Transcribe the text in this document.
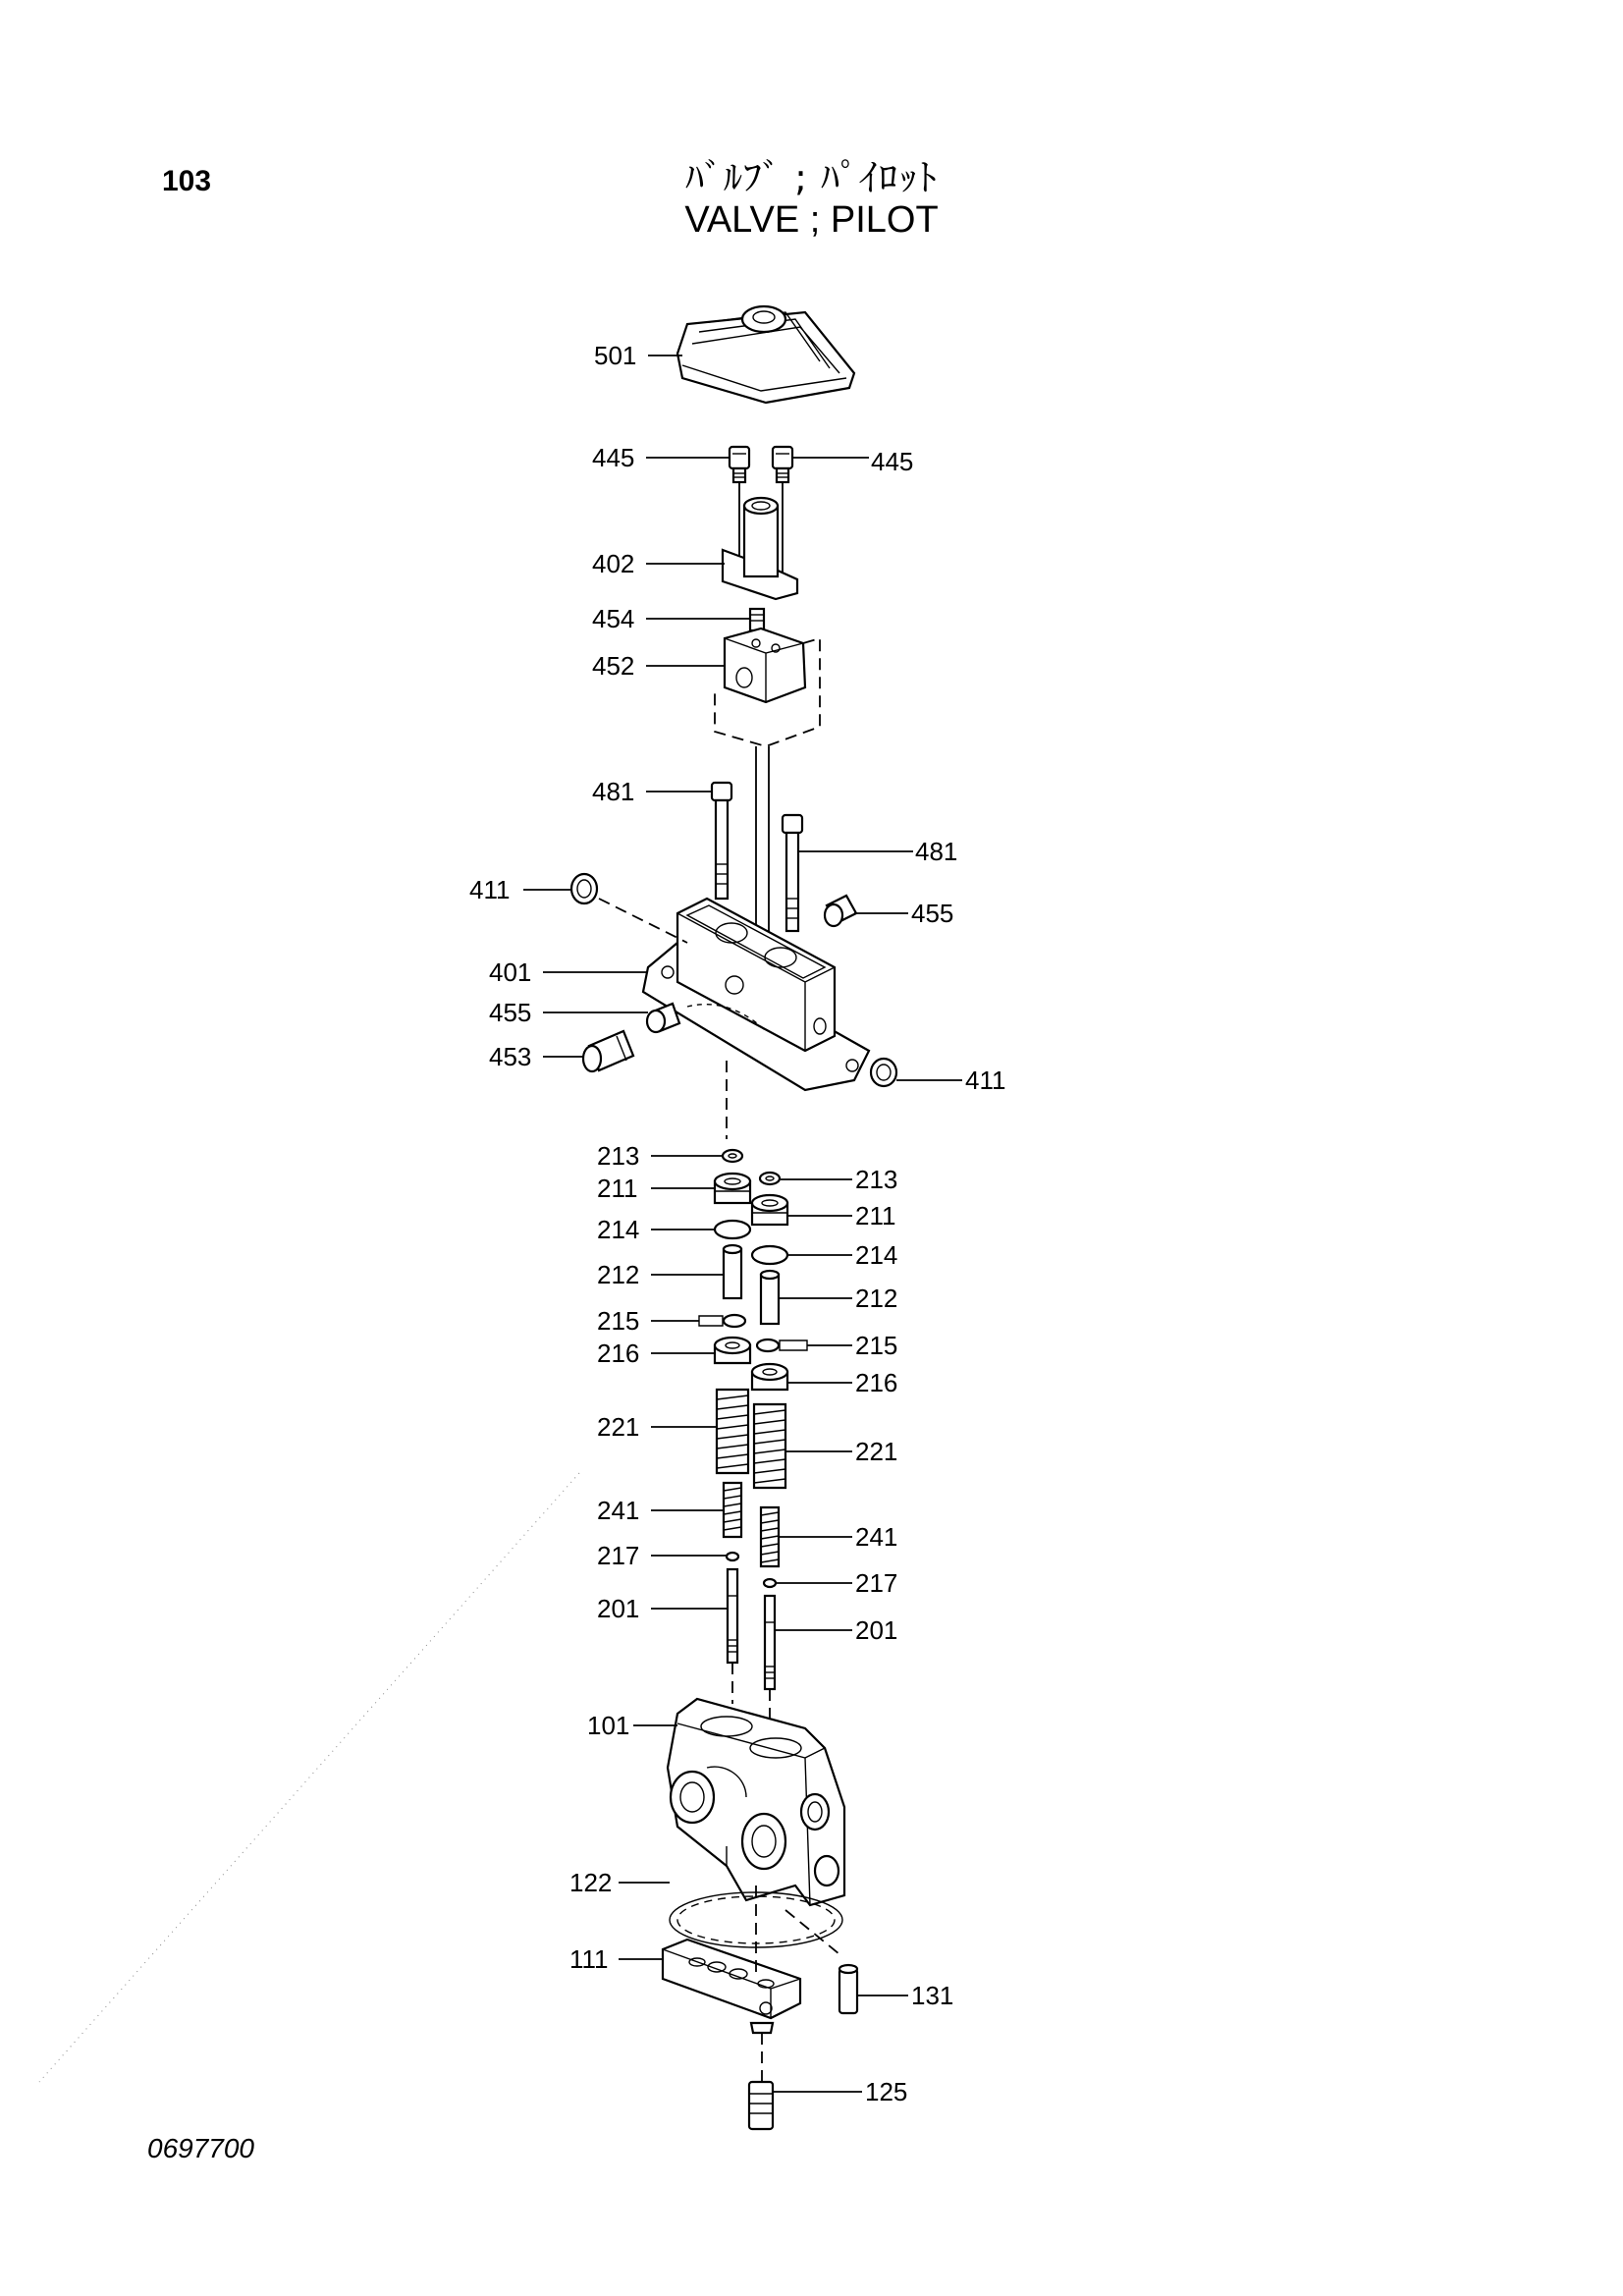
103	ﾊﾞﾙﾌﾞ ; ﾊﾟｲﾛｯﾄ
VALVE ; PILOT
0697700
501
445	445
402
454
452
481
481
411
455
401
455
453
411
213
213
211
211
214
214
212
212
215
215
216
216
221
221
241
241
217
217
201
201
101
122
111
131
125
